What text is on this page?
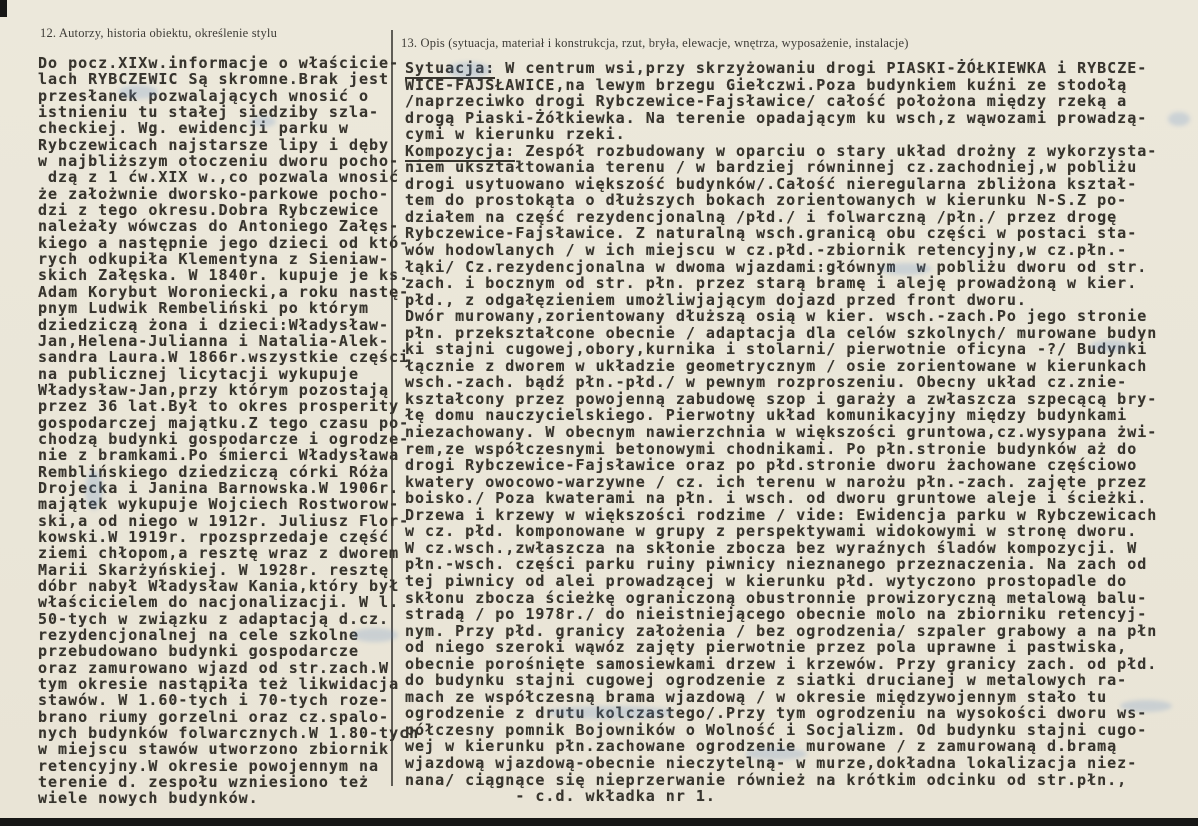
12. Autorzy, historia obiektu, określenie stylu
13. Opis (sytuacja, materiał i konstrukcja, rzut, bryła, elewacje, wnętrza, wyposażenie, instalacje)
Do pocz.XIXw.informacje o właścicie-
lach RYBCZEWIC Są skromne.Brak jest
przesłanek pozwalających wnosić o
istnieniu tu stałej siedziby szla-
checkiej. Wg. ewidencji parku w
Rybczewicach najstarsze lipy i dęby
w najbliższym otoczeniu dworu pocho-
dzą z 1 ćw.XIX w.,co pozwala wnosić
że założwnie dworsko-parkowe pocho-
dzi z tego okresu.Dobra Rybczewice
należały wówczas do Antoniego Załęs-
kiego a następnie jego dzieci od któ-
rych odkupiła Klementyna z Sieniaw-
skich Załęska. W 1840r. kupuje je ks.
Adam Korybut Woroniecki,a roku nastę-
pnym Ludwik Rembeliński po którym
dziedziczą żona i dzieci:Władysław-
Jan,Helena-Julianna i Natalia-Alek-
sandra Laura.W 1866r.wszystkie części
na publicznej licytacji wykupuje
Władysław-Jan,przy którym pozostają
przez 36 lat.Był to okres prosperity
gospodarczej majątku.Z tego czasu po-
chodzą budynki gospodarcze i ogrodze-
nie z bramkami.Po śmierci Władysława
Remblińskiego dziedziczą córki Róża
Drojecka i Janina Barnowska.W 1906r.
majątek wykupuje Wojciech Rostworow-
ski,a od niego w 1912r. Juliusz Flor-
kowski.W 1919r. rpozsprzedaje część
ziemi chłopom,a resztę wraz z dworem
Marii Skarżyńskiej. W 1928r. resztę
dóbr nabył Władysław Kania,który był
właścicielem do nacjonalizacji. W l.
50-tych w związku z adaptacją d.cz.
rezydencjonalnej na cele szkolne
przebudowano budynki gospodarcze
oraz zamurowano wjazd od str.zach.W
tym okresie nastąpiła też likwidacja
stawów. W 1.60-tych i 70-tych roze-
brano riumy gorzelni oraz cz.spalo-
nych budynków folwarcznych.W 1.80-tych
w miejscu stawów utworzono zbiornik
retencyjny.W okresie powojennym na
terenie d. zespołu wzniesiono też
wiele nowych budynków.
Sytuacja: W centrum wsi,przy skrzyżowaniu drogi PIASKI-ŻÓŁKIEWKA i RYBCZE-
WICE-FAJSŁAWICE,na lewym brzegu Giełczwi.Poza budynkiem kuźni ze stodołą
/naprzeciwko drogi Rybczewice-Fajsławice/ całość położona między rzeką a
drogą Piaski-Żółkiewka. Na terenie opadającym ku wsch,z wąwozami prowadzą-
cymi w kierunku rzeki.
Kompozycja: Zespół rozbudowany w oparciu o stary układ drożny z wykorzysta-
niem ukształtowania terenu / w bardziej równinnej cz.zachodniej,w pobliżu
drogi usytuowano większość budynków/.Całość nieregularna zbliżona kształ-
tem do prostokąta o dłuższych bokach zorientowanych w kierunku N-S.Z po-
działem na część rezydencjonalną /płd./ i folwarczną /płn./ przez drogę
Rybczewice-Fajsławice. Z naturalną wsch.granicą obu części w postaci sta-
wów hodowlanych / w ich miejscu w cz.płd.-zbiornik retencyjny,w cz.płn.-
łąki/ Cz.rezydencjonalna w dwoma wjazdami:głównym  w pobliżu dworu od str.
zach. i bocznym od str. płn. przez starą bramę i aleję prowadżoną w kier.
płd., z odgałęzieniem umożliwjającym dojazd przed front dworu.
Dwór murowany,zorientowany dłuższą osią w kier. wsch.-zach.Po jego stronie
płn. przekształcone obecnie / adaptacja dla celów szkolnych/ murowane budyn
ki stajni cugowej,obory,kurnika i stolarni/ pierwotnie oficyna -?/ Budynki
łącznie z dworem w układzie geometrycznym / osie zorientowane w kierunkach
wsch.-zach. bądź płn.-płd./ w pewnym rozproszeniu. Obecny układ cz.znie-
kształcony przez powojenną zabudowę szop i garaży a zwłaszcza szpecącą bry-
łę domu nauczycielskiego. Pierwotny układ komunikacyjny między budynkami
niezachowany. W obecnym nawierzchnia w większości gruntowa,cz.wysypana żwi-
rem,ze współczesnymi betonowymi chodnikami. Po płn.stronie budynków aż do
drogi Rybczewice-Fajsławice oraz po płd.stronie dworu żachowane częściowo
kwatery owocowo-warzywne / cz. ich terenu w narożu płn.-zach. zajęte przez
boisko./ Poza kwaterami na płn. i wsch. od dworu gruntowe aleje i ścieżki.
Drzewa i krzewy w większości rodzime / vide: Ewidencja parku w Rybczewicach
w cz. płd. komponowane w grupy z perspektywami widokowymi w stronę dworu.
W cz.wsch.,zwłaszcza na skłonie zbocza bez wyraźnych śladów kompozycji. W
płn.-wsch. części parku ruiny piwnicy nieznanego przeznaczenia. Na zach od
tej piwnicy od alei prowadzącej w kierunku płd. wytyczono prostopadle do
skłonu zbocza ścieżkę ograniczoną obustronnie prowizoryczną metalową balu-
stradą / po 1978r./ do nieistniejącego obecnie molo na zbiorniku retencyj-
nym. Przy płd. granicy założenia / bez ogrodzenia/ szpaler grabowy a na płn
od niego szeroki wąwóz zajęty pierwotnie przez pola uprawne i pastwiska,
obecnie porośnięte samosiewkami drzew i krzewów. Przy granicy zach. od płd.
do budynku stajni cugowej ogrodzenie z siatki drucianej w metalowych ra-
mach ze współczesną brama wjazdową / w okresie międzywojennym stało tu
ogrodzenie z drutu kolczastego/.Przy tym ogrodzeniu na wysokości dworu ws-
półczesny pomnik Bojowników o Wolność i Socjalizm. Od budynku stajni cugo-
wej w kierunku płn.zachowane ogrodzenie murowane / z zamurowaną d.bramą
wjazdową wjazdową-obecnie nieczytelną- w murze,dokładna lokalizacja niez-
nana/ ciągnące się nieprzerwanie również na krótkim odcinku od str.płn.,
- c.d. wkładka nr 1.
